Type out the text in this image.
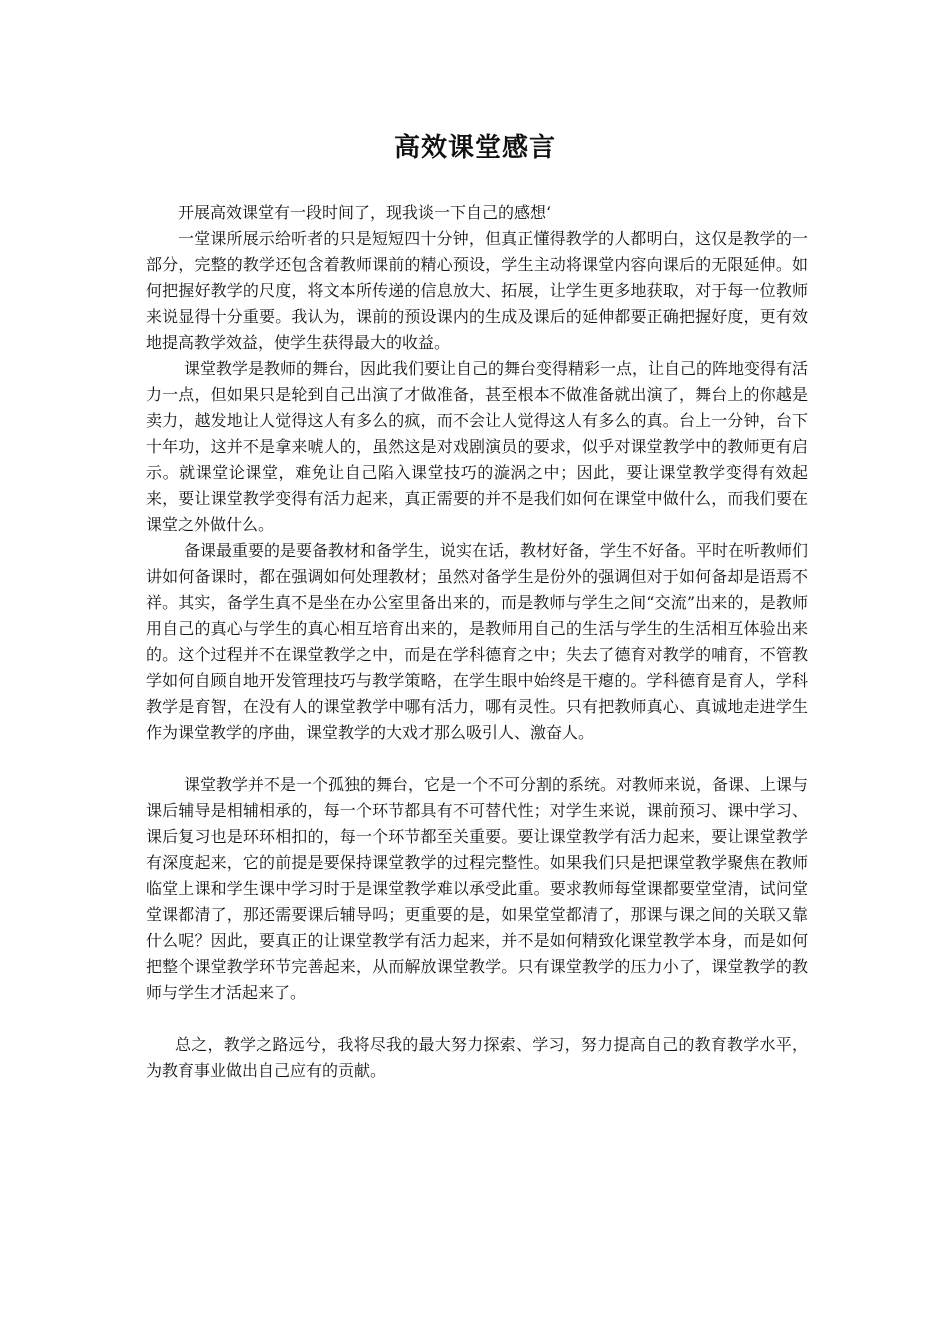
高效课堂感言

开展高效课堂有一段时间了，现我谈一下自己的感想‘

一堂课所展示给听者的只是短短四十分钟，但真正懂得教学的人都明白，这仅是教学的一部分，完整的教学还包含着教师课前的精心预设，学生主动将课堂内容向课后的无限延伸。如何把握好教学的尺度，将文本所传递的信息放大、拓展，让学生更多地获取，对于每一位教师来说显得十分重要。我认为，课前的预设课内的生成及课后的延伸都要正确把握好度，更有效地提高教学效益，使学生获得最大的收益。

课堂教学是教师的舞台，因此我们要让自己的舞台变得精彩一点，让自己的阵地变得有活力一点，但如果只是轮到自己出演了才做准备，甚至根本不做准备就出演了，舞台上的你越是卖力，越发地让人觉得这人有多么的疯，而不会让人觉得这人有多么的真。台上一分钟，台下十年功，这并不是拿来唬人的，虽然这是对戏剧演员的要求，似乎对课堂教学中的教师更有启示。就课堂论课堂，难免让自己陷入课堂技巧的漩涡之中；因此，要让课堂教学变得有效起来，要让课堂教学变得有活力起来，真正需要的并不是我们如何在课堂中做什么，而我们要在课堂之外做什么。

备课最重要的是要备教材和备学生，说实在话，教材好备，学生不好备。平时在听教师们讲如何备课时，都在强调如何处理教材；虽然对备学生是份外的强调但对于如何备却是语焉不祥。其实，备学生真不是坐在办公室里备出来的，而是教师与学生之间“交流”出来的，是教师用自己的真心与学生的真心相互培育出来的，是教师用自己的生活与学生的生活相互体验出来的。这个过程并不在课堂教学之中，而是在学科德育之中；失去了德育对教学的哺育，不管教学如何自顾自地开发管理技巧与教学策略，在学生眼中始终是干瘪的。学科德育是育人，学科教学是育智，在没有人的课堂教学中哪有活力，哪有灵性。只有把教师真心、真诚地走进学生作为课堂教学的序曲，课堂教学的大戏才那么吸引人、激奋人。

课堂教学并不是一个孤独的舞台，它是一个不可分割的系统。对教师来说，备课、上课与课后辅导是相辅相承的，每一个环节都具有不可替代性；对学生来说，课前预习、课中学习、课后复习也是环环相扣的，每一个环节都至关重要。要让课堂教学有活力起来，要让课堂教学有深度起来，它的前提是要保持课堂教学的过程完整性。如果我们只是把课堂教学聚焦在教师临堂上课和学生课中学习时于是课堂教学难以承受此重。要求教师每堂课都要堂堂清，试问堂堂课都清了，那还需要课后辅导吗；更重要的是，如果堂堂都清了，那课与课之间的关联又靠什么呢？因此，要真正的让课堂教学有活力起来，并不是如何精致化课堂教学本身，而是如何把整个课堂教学环节完善起来，从而解放课堂教学。只有课堂教学的压力小了，课堂教学的教师与学生才活起来了。

总之，教学之路远兮，我将尽我的最大努力探索、学习，努力提高自己的教育教学水平，为教育事业做出自己应有的贡献。
